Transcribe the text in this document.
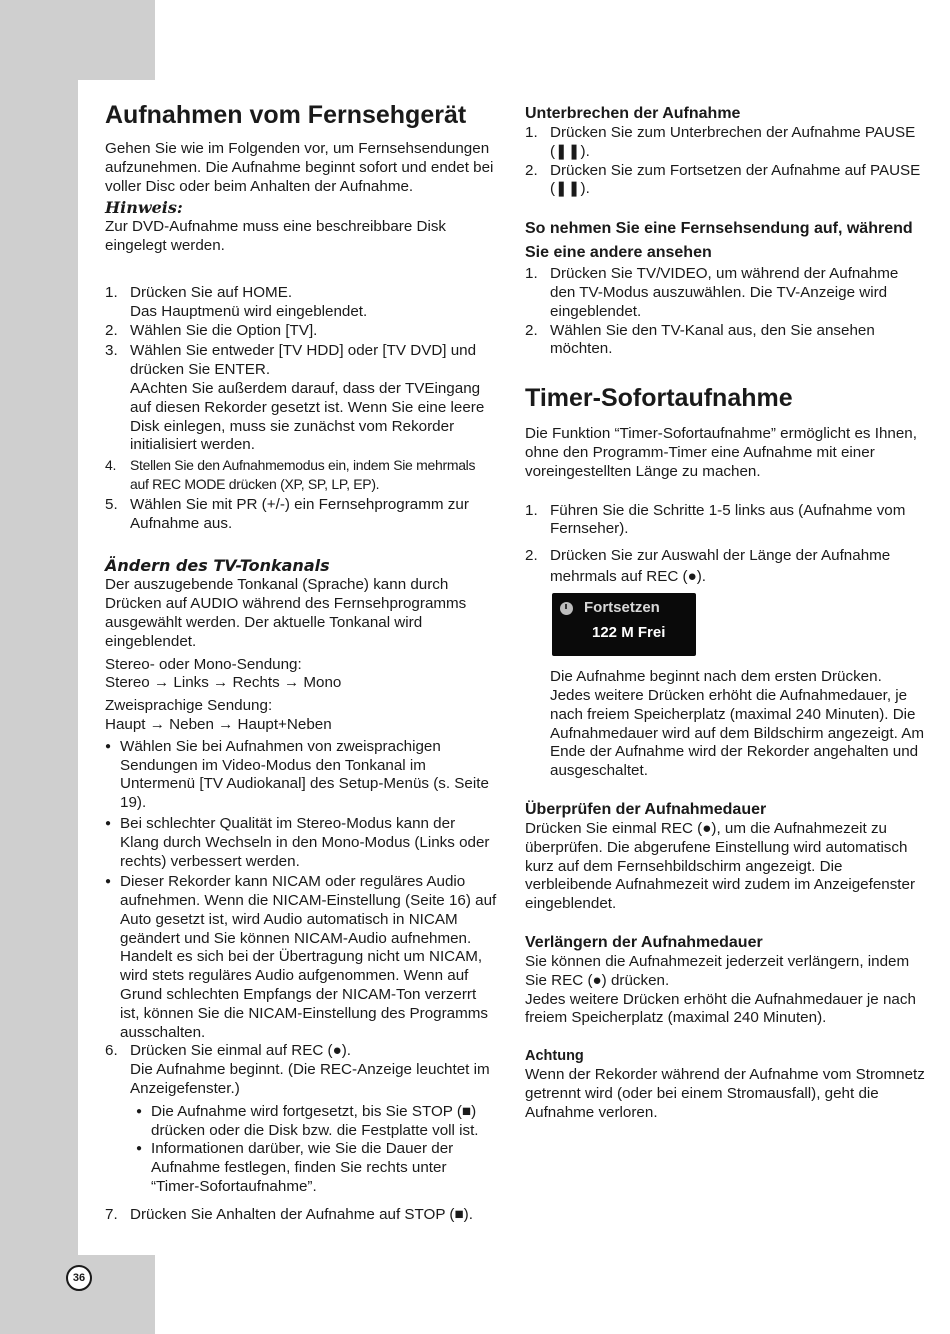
Aufnahmen vom Fernsehgerät

Gehen Sie wie im Folgenden vor, um Fernsehsendungen aufzunehmen. Die Aufnahme beginnt sofort und endet bei voller Disc oder beim Anhalten der Aufnahme.

Hinweis:

Zur DVD-Aufnahme muss eine beschreibbare Disk eingelegt werden.

1. Drücken Sie auf HOME.
Das Hauptmenü wird eingeblendet.
2. Wählen Sie die Option [TV].
3. Wählen Sie entweder [TV HDD] oder [TV DVD] und drücken Sie ENTER.
AAchten Sie außerdem darauf, dass der TVEingang auf diesen Rekorder gesetzt ist. Wenn Sie eine leere Disk einlegen, muss sie zunächst vom Rekorder initialisiert werden.
4. Stellen Sie den Aufnahmemodus ein, indem Sie mehrmals auf REC MODE drücken (XP, SP, LP, EP).
5. Wählen Sie mit PR (+/-) ein Fernsehprogramm zur Aufnahme aus.
Ändern des TV-Tonkanals

Der auszugebende Tonkanal (Sprache) kann durch Drücken auf AUDIO während des Fernsehprogramms ausgewählt werden. Der aktuelle Tonkanal wird eingeblendet.

Stereo- oder Mono-Sendung:

Stereo → Links → Rechts → Mono

Zweisprachige Sendung:

Haupt → Neben → Haupt+Neben

● Wählen Sie bei Aufnahmen von zweisprachigen Sendungen im Video-Modus den Tonkanal im Untermenü [TV Audiokanal] des Setup-Menüs (s. Seite 19).
● Bei schlechter Qualität im Stereo-Modus kann der Klang durch Wechseln in den Mono-Modus (Links oder rechts) verbessert werden.
● Dieser Rekorder kann NICAM oder reguläres Audio aufnehmen. Wenn die NICAM-Einstellung (Seite 16) auf Auto gesetzt ist, wird Audio automatisch in NICAM geändert und Sie können NICAM-Audio aufnehmen. Handelt es sich bei der Übertragung nicht um NICAM, wird stets reguläres Audio aufgenommen. Wenn auf Grund schlechten Empfangs der NICAM-Ton verzerrt ist, können Sie die NICAM-Einstellung des Programms ausschalten.
6. Drücken Sie einmal auf REC (●).
Die Aufnahme beginnt. (Die REC-Anzeige leuchtet im Anzeigefenster.)
● Die Aufnahme wird fortgesetzt, bis Sie STOP (■) drücken oder die Disk bzw. die Festplatte voll ist.
● Informationen darüber, wie Sie die Dauer der Aufnahme festlegen, finden Sie rechts unter “Timer-Sofortaufnahme”.
7. Drücken Sie Anhalten der Aufnahme auf STOP (■).
Unterbrechen der Aufnahme
1. Drücken Sie zum Unterbrechen der Aufnahme PAUSE (❚❚).
2. Drücken Sie zum Fortsetzen der Aufnahme auf PAUSE (❚❚).
So nehmen Sie eine Fernsehsendung auf, während Sie eine andere ansehen
1. Drücken Sie TV/VIDEO, um während der Aufnahme den TV-Modus auszuwählen. Die TV-Anzeige wird eingeblendet.
2. Wählen Sie den TV-Kanal aus, den Sie ansehen möchten.
Timer-Sofortaufnahme

Die Funktion “Timer-Sofortaufnahme” ermöglicht es Ihnen, ohne den Programm-Timer eine Aufnahme mit einer voreingestellten Länge zu machen.

1. Führen Sie die Schritte 1-5 links aus (Aufnahme vom Fernseher).
2. Drücken Sie zur Auswahl der Länge der Aufnahme mehrmals auf REC (●).
Fortsetzen
122 M Frei

Die Aufnahme beginnt nach dem ersten Drücken. Jedes weitere Drücken erhöht die Aufnahmedauer, je nach freiem Speicherplatz (maximal 240 Minuten). Die Aufnahmedauer wird auf dem Bildschirm angezeigt. Am Ende der Aufnahme wird der Rekorder angehalten und ausgeschaltet.

Überprüfen der Aufnahmedauer

Drücken Sie einmal REC (●), um die Aufnahmezeit zu überprüfen. Die abgerufene Einstellung wird automatisch kurz auf dem Fernsehbildschirm angezeigt. Die verbleibende Aufnahmezeit wird zudem im Anzeigefenster eingeblendet.

Verlängern der Aufnahmedauer

Sie können die Aufnahmezeit jederzeit verlängern, indem Sie REC (●) drücken.

Jedes weitere Drücken erhöht die Aufnahmedauer je nach freiem Speicherplatz (maximal 240 Minuten).

Achtung

Wenn der Rekorder während der Aufnahme vom Stromnetz getrennt wird (oder bei einem Stromausfall), geht die Aufnahme verloren.

36
